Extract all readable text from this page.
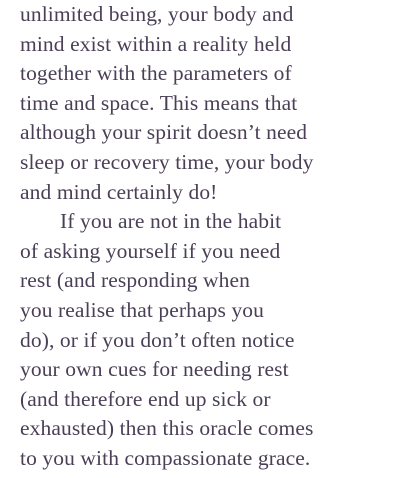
unlimited being, your body and
mind exist within a reality held
together with the parameters of
time and space. This means that
although your spirit doesn’t need
sleep or recovery time, your body
and mind certainly do!
If you are not in the habit
of asking yourself if you need
rest (and responding when
you realise that perhaps you
do), or if you don’t often notice
your own cues for needing rest
(and therefore end up sick or
exhausted) then this oracle comes
to you with compassionate grace.
